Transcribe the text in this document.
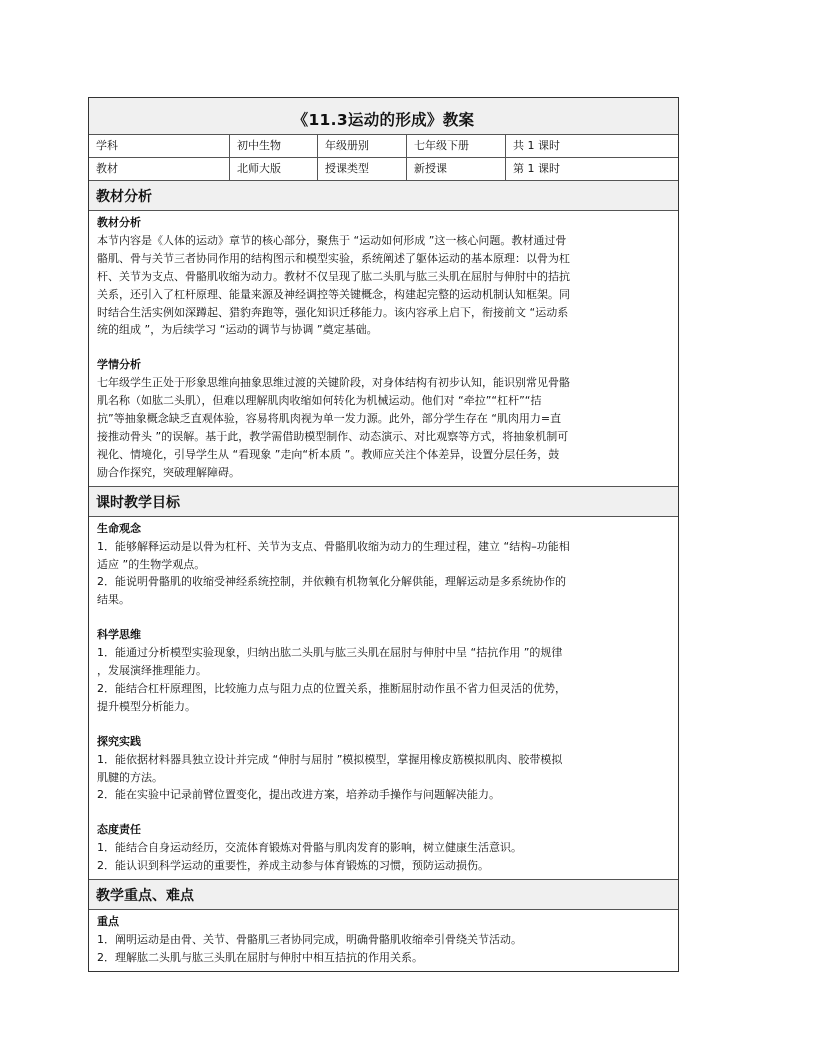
《11.3运动的形成》教案
学科	初中生物	年级册别	七年级下册	共 1 课时
教材	北师大版	授课类型	新授课	第 1 课时
教材分析
教材分析
本节内容是《人体的运动》章节的核心部分，聚焦于 “运动如何形成 ”这一核心问题。教材通过骨
骼肌、骨与关节三者协同作用的结构图示和模型实验，系统阐述了躯体运动的基本原理：以骨为杠
杆、关节为支点、骨骼肌收缩为动力。教材不仅呈现了肱二头肌与肱三头肌在屈肘与伸肘中的拮抗
关系，还引入了杠杆原理、能量来源及神经调控等关键概念，构建起完整的运动机制认知框架。同
时结合生活实例如深蹲起、猎豹奔跑等，强化知识迁移能力。该内容承上启下，衔接前文 “运动系
统的组成 ”，为后续学习 “运动的调节与协调 ”奠定基础。
学情分析
七年级学生正处于形象思维向抽象思维过渡的关键阶段，对身体结构有初步认知，能识别常见骨骼
肌名称（如肱二头肌），但难以理解肌肉收缩如何转化为机械运动。他们对 “牵拉”“杠杆”“拮
抗”等抽象概念缺乏直观体验，容易将肌肉视为单一发力源。此外，部分学生存在 “肌肉用力=直
接推动骨头 ”的误解。基于此，教学需借助模型制作、动态演示、对比观察等方式，将抽象机制可
视化、情境化，引导学生从 “看现象 ”走向“析本质 ”。教师应关注个体差异，设置分层任务，鼓
励合作探究，突破理解障碍。
课时教学目标
生命观念
1．能够解释运动是以骨为杠杆、关节为支点、骨骼肌收缩为动力的生理过程，建立 “结构–功能相
适应 ”的生物学观点。
2．能说明骨骼肌的收缩受神经系统控制，并依赖有机物氧化分解供能，理解运动是多系统协作的
结果。
科学思维
1．能通过分析模型实验现象，归纳出肱二头肌与肱三头肌在屈肘与伸肘中呈 “拮抗作用 ”的规律
，发展演绎推理能力。
2．能结合杠杆原理图，比较施力点与阻力点的位置关系，推断屈肘动作虽不省力但灵活的优势，
提升模型分析能力。
探究实践
1．能依据材料器具独立设计并完成 “伸肘与屈肘 ”模拟模型，掌握用橡皮筋模拟肌肉、胶带模拟
肌腱的方法。
2．能在实验中记录前臂位置变化，提出改进方案，培养动手操作与问题解决能力。
态度责任
1．能结合自身运动经历，交流体育锻炼对骨骼与肌肉发育的影响，树立健康生活意识。
2．能认识到科学运动的重要性，养成主动参与体育锻炼的习惯，预防运动损伤。
教学重点、难点
重点
1．阐明运动是由骨、关节、骨骼肌三者协同完成，明确骨骼肌收缩牵引骨绕关节活动。
2．理解肱二头肌与肱三头肌在屈肘与伸肘中相互拮抗的作用关系。
